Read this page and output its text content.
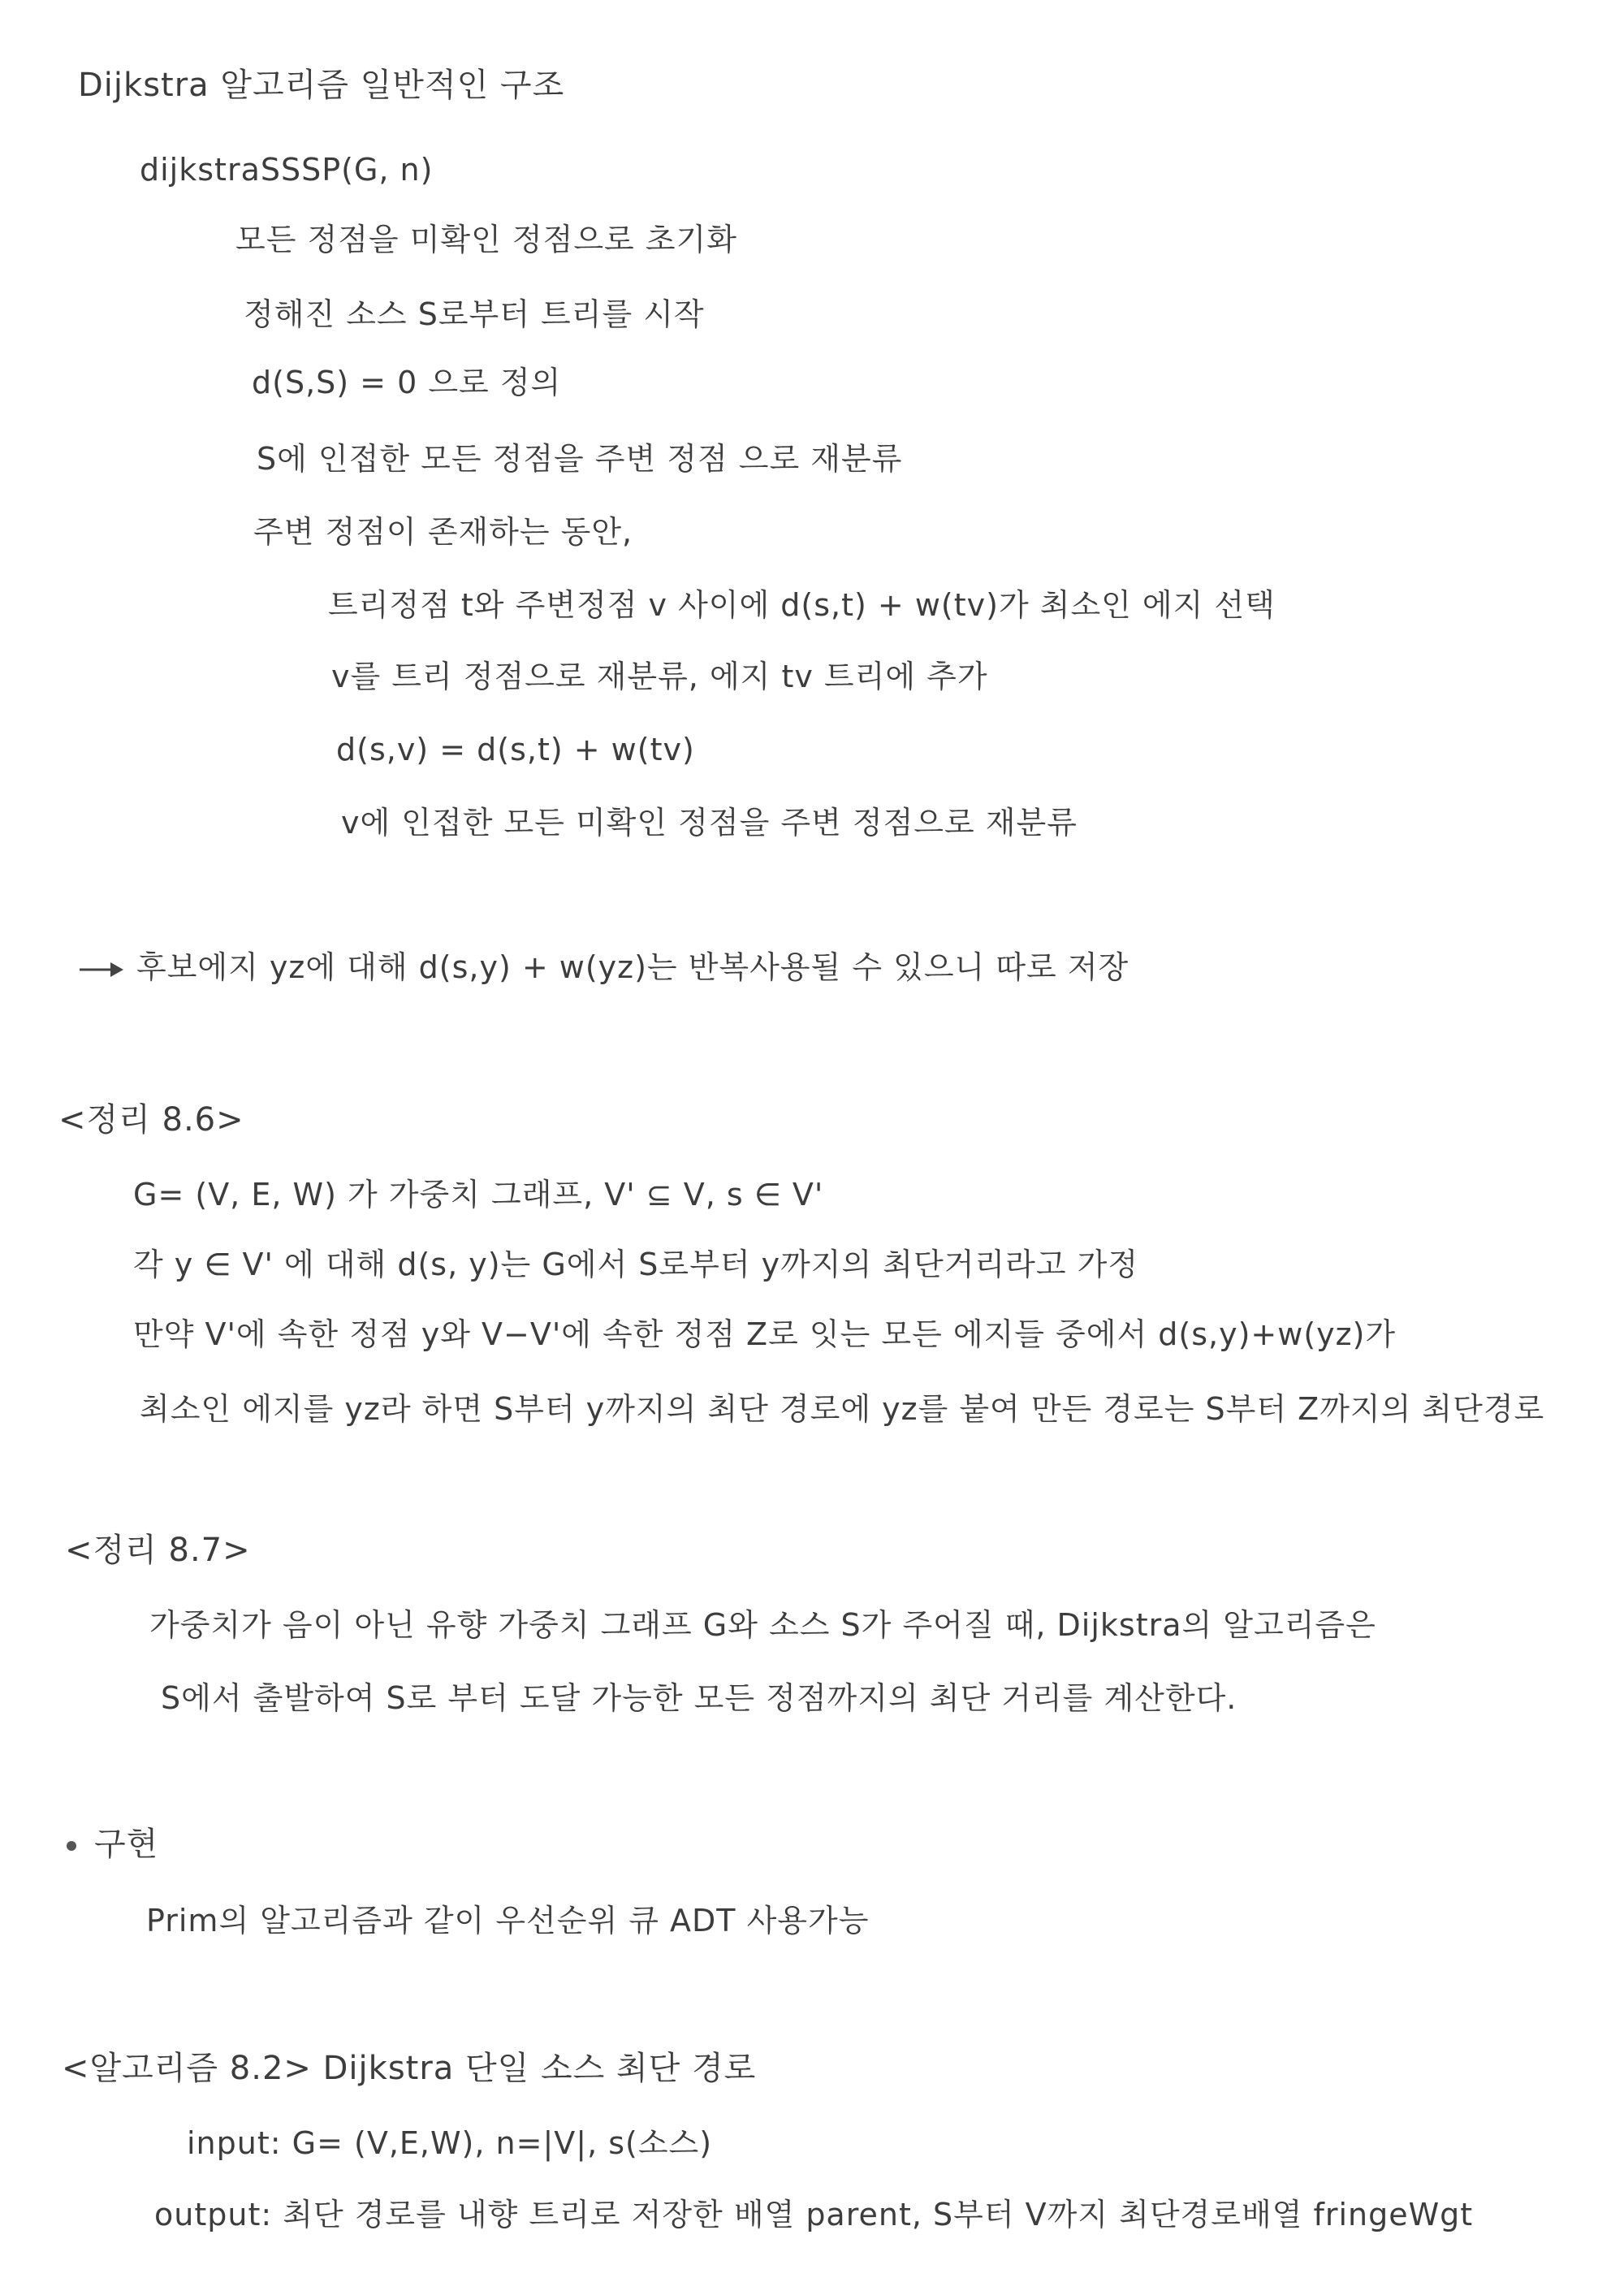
Dijkstra 알고리즘 일반적인 구조
dijkstraSSSP(G, n)
모든 정점을 미확인 정점으로 초기화
정해진 소스 S로부터 트리를 시작
d(S,S) = 0 으로 정의
S에 인접한 모든 정점을 주변 정점 으로 재분류
주변 정점이 존재하는 동안,
트리정점 t와 주변정점 v 사이에 d(s,t) + w(tv)가 최소인 에지 선택
v를 트리 정점으로 재분류, 에지 tv 트리에 추가
d(s,v) = d(s,t) + w(tv)
v에 인접한 모든 미확인 정점을 주변 정점으로 재분류
후보에지 yz에 대해 d(s,y) + w(yz)는 반복사용될 수 있으니 따로 저장
<정리 8.6>
G= (V, E, W) 가 가중치 그래프, V' ⊆ V, s ∈ V'
각 y ∈ V' 에 대해 d(s, y)는 G에서 S로부터 y까지의 최단거리라고 가정
만약 V'에 속한 정점 y와 V−V'에 속한 정점 Z로 잇는 모든 에지들 중에서 d(s,y)+w(yz)가
최소인 에지를 yz라 하면 S부터 y까지의 최단 경로에 yz를 붙여 만든 경로는 S부터 Z까지의 최단경로
<정리 8.7>
가중치가 음이 아닌 유향 가중치 그래프 G와 소스 S가 주어질 때, Dijkstra의 알고리즘은
S에서 출발하여 S로 부터 도달 가능한 모든 정점까지의 최단 거리를 계산한다.
구현
Prim의 알고리즘과 같이 우선순위 큐 ADT 사용가능
<알고리즘 8.2> Dijkstra 단일 소스 최단 경로
input: G= (V,E,W), n=|V|, s(소스)
output: 최단 경로를 내향 트리로 저장한 배열 parent, S부터 V까지 최단경로배열 fringeWgt
